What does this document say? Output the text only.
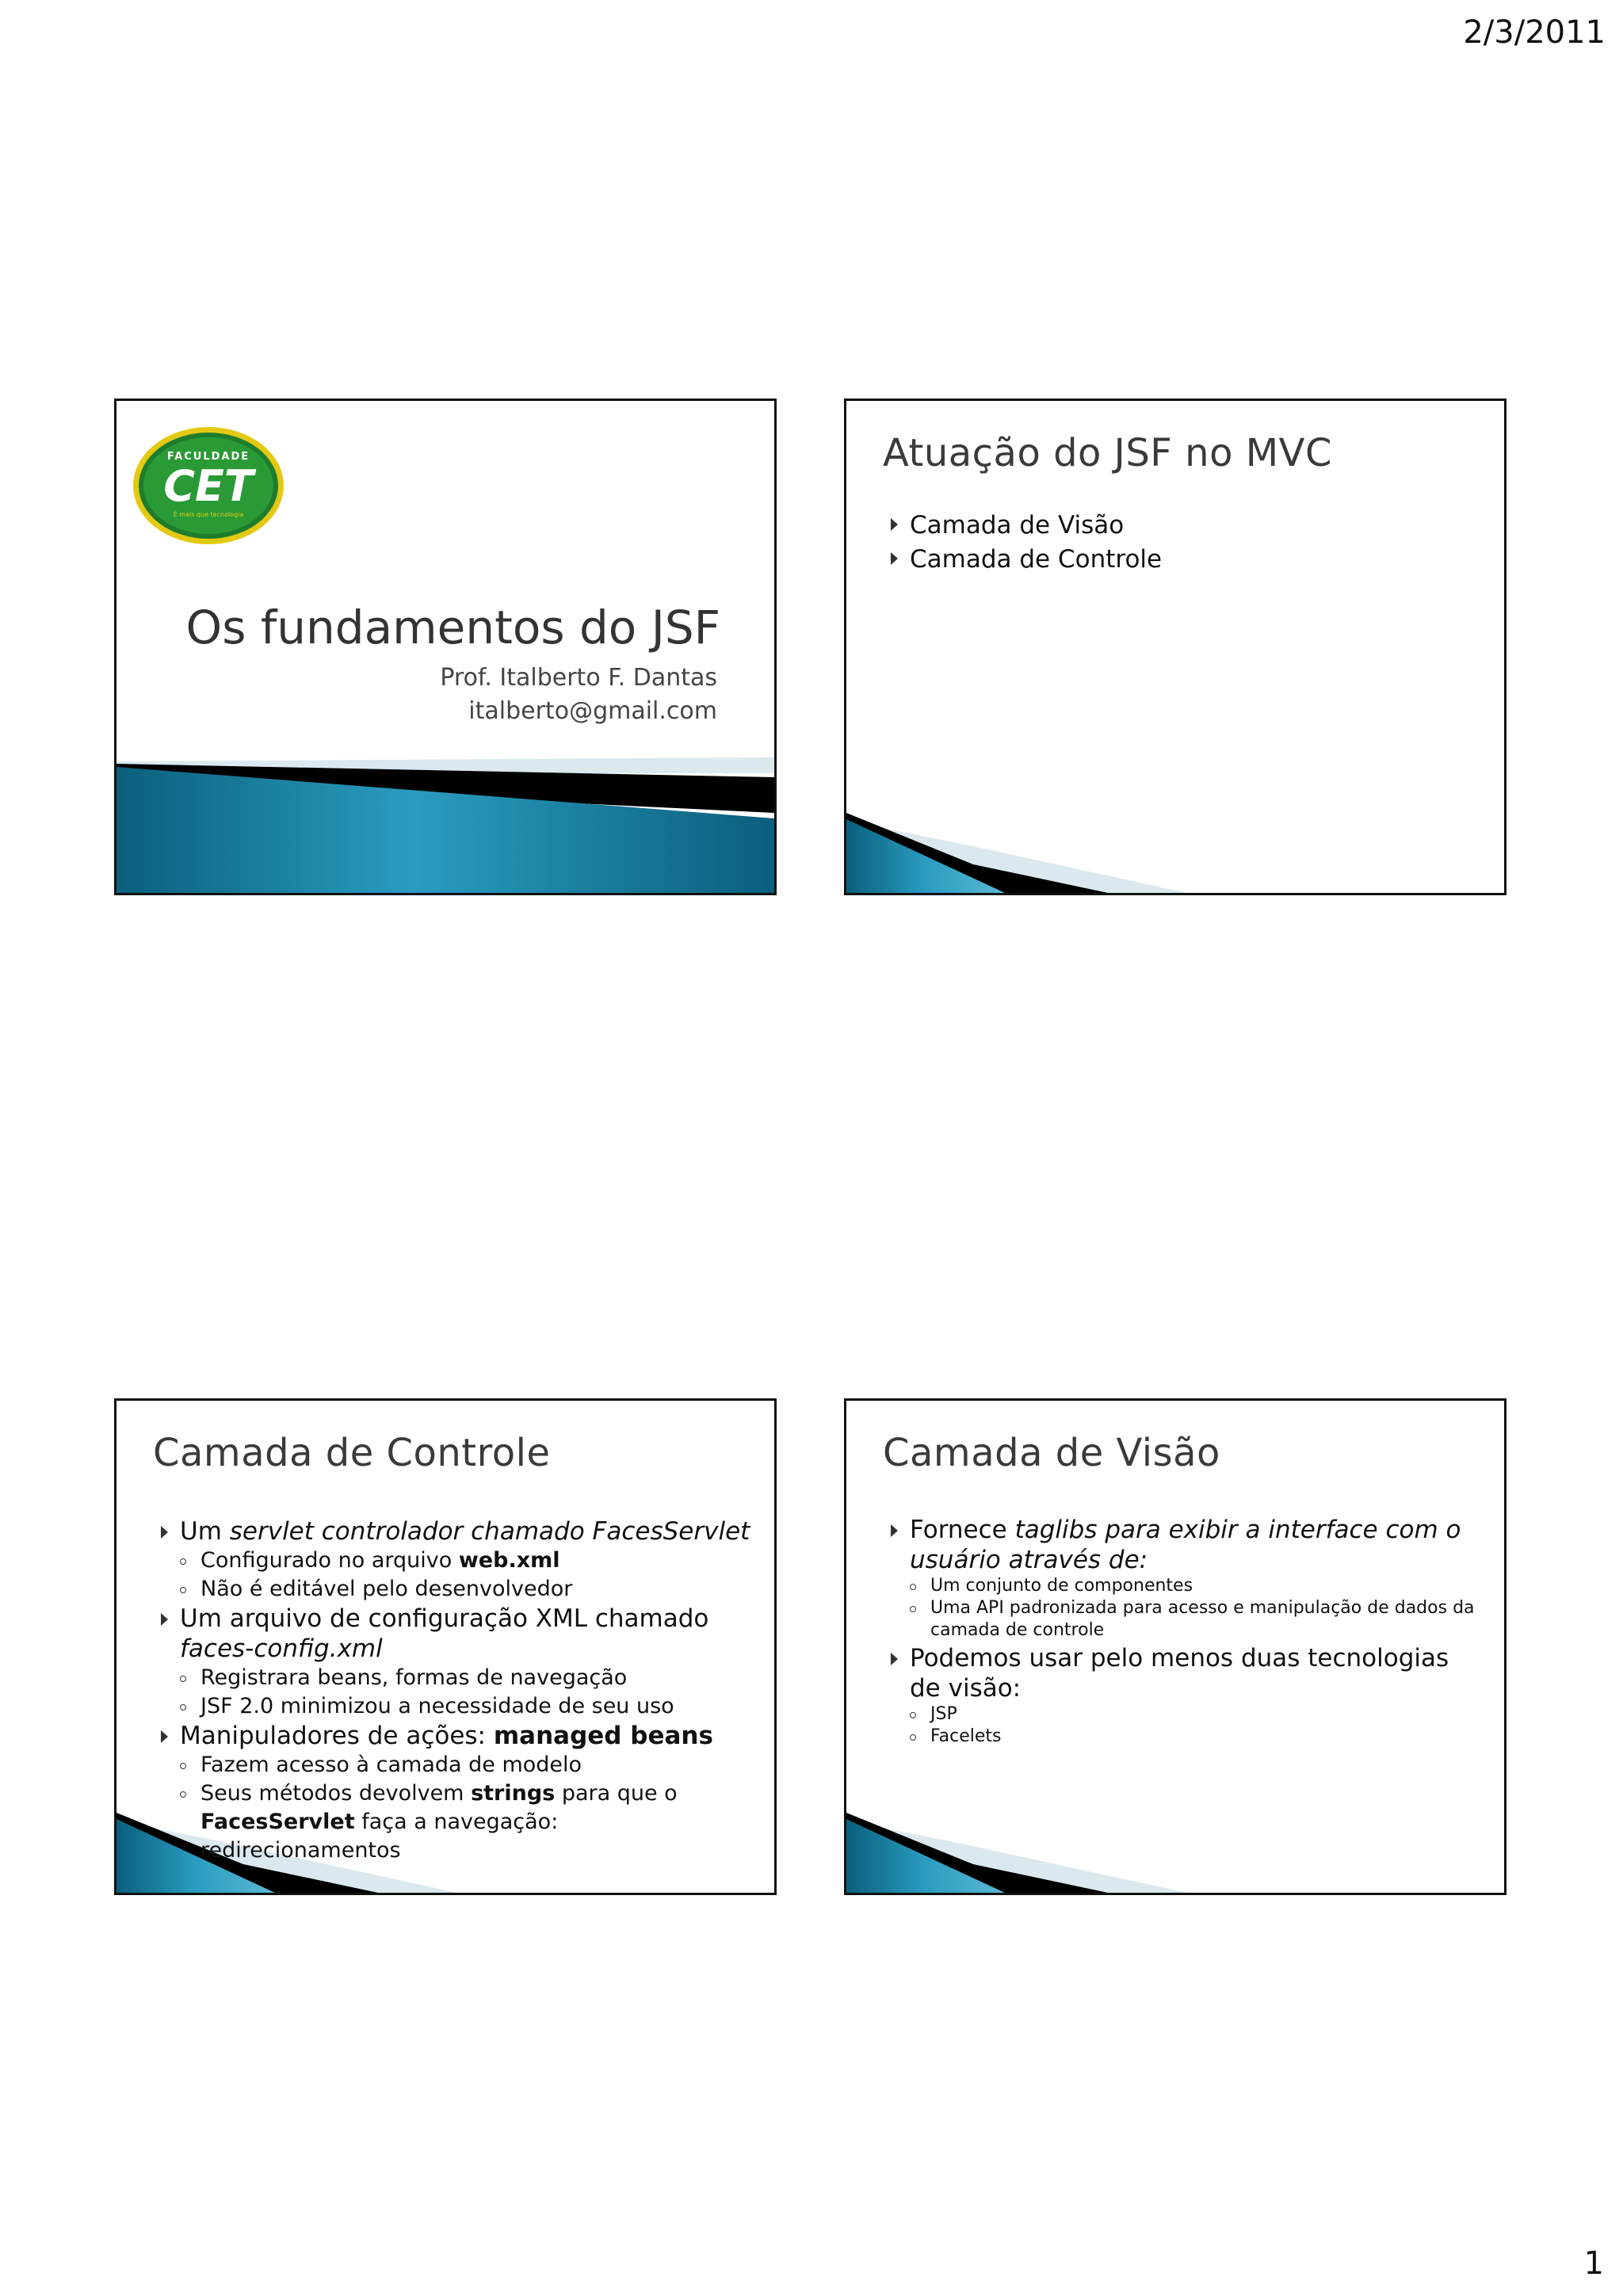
2/3/2011
FACULDADE
CET
É mais que tecnologia
Os fundamentos do JSF
Prof. Italberto F. Dantas
italberto@gmail.com
Atuação do JSF no MVC
Camada de Visão
Camada de Controle
Camada de Controle
Um servlet controlador chamado FacesServlet
Configurado no arquivo web.xml
Não é editável pelo desenvolvedor
Um arquivo de configuração XML chamado faces-config.xml
Registrara beans, formas de navegação
JSF 2.0 minimizou a necessidade de seu uso
Manipuladores de ações: managed beans
Fazem acesso à camada de modelo
Seus métodos devolvem strings para que o FacesServlet faça a navegação: redirecionamentos
Camada de Visão
Fornece taglibs para exibir a interface com o usuário através de:
Um conjunto de componentes
Uma API padronizada para acesso e manipulação de dados da camada de controle
Podemos usar pelo menos duas tecnologias de visão:
JSP
Facelets
1
